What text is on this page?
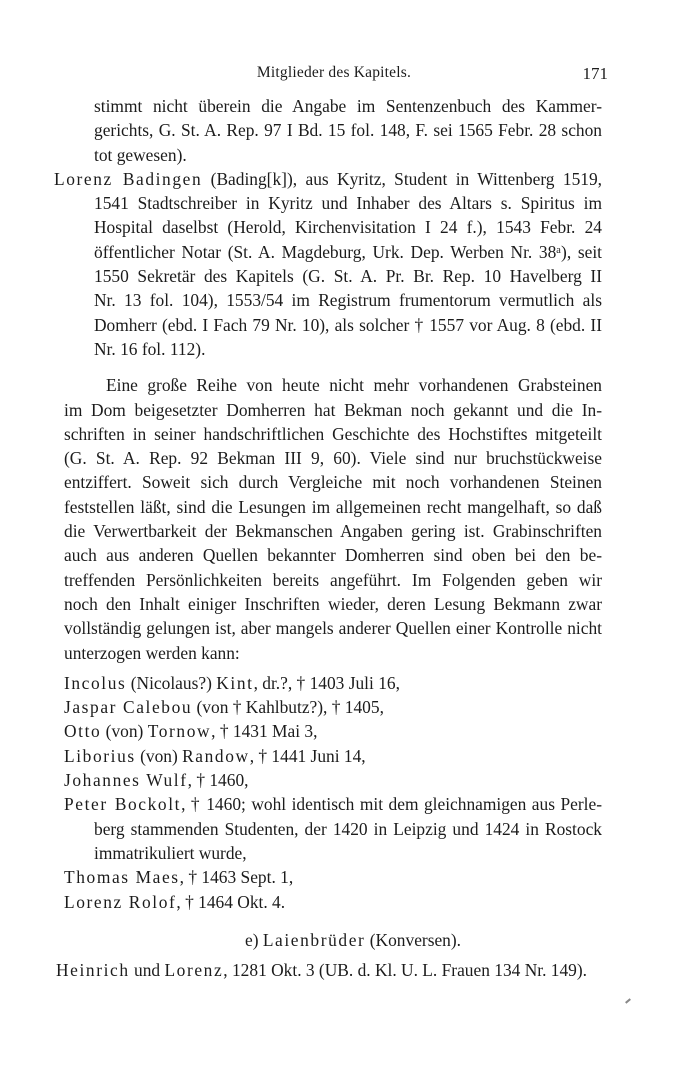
Mitglieder des Kapitels.	171
stimmt nicht überein die Angabe im Sentenzenbuch des Kammer-
gerichts, G. St. A. Rep. 97 I Bd. 15 fol. 148, F. sei 1565 Febr. 28 schon
tot gewesen).
Lorenz Badingen (Bading[k]), aus Kyritz, Student in Wittenberg 1519,
1541 Stadtschreiber in Kyritz und Inhaber des Altars s. Spiritus im
Hospital daselbst (Herold, Kirchenvisitation I 24 f.), 1543 Febr. 24
öffentlicher Notar (St. A. Magdeburg, Urk. Dep. Werben Nr. 38ᵃ), seit
1550 Sekretär des Kapitels (G. St. A. Pr. Br. Rep. 10 Havelberg II
Nr. 13 fol. 104), 1553/54 im Registrum frumentorum vermutlich als
Domherr (ebd. I Fach 79 Nr. 10), als solcher † 1557 vor Aug. 8 (ebd. II
Nr. 16 fol. 112).
Eine große Reihe von heute nicht mehr vorhandenen Grabsteinen
im Dom beigesetzter Domherren hat Bekman noch gekannt und die In-
schriften in seiner handschriftlichen Geschichte des Hochstiftes mitgeteilt
(G. St. A. Rep. 92 Bekman III 9, 60). Viele sind nur bruchstückweise
entziffert. Soweit sich durch Vergleiche mit noch vorhandenen Steinen
feststellen läßt, sind die Lesungen im allgemeinen recht mangelhaft, so daß
die Verwertbarkeit der Bekmanschen Angaben gering ist. Grabinschriften
auch aus anderen Quellen bekannter Domherren sind oben bei den be-
treffenden Persönlichkeiten bereits angeführt. Im Folgenden geben wir
noch den Inhalt einiger Inschriften wieder, deren Lesung Bekmann zwar
vollständig gelungen ist, aber mangels anderer Quellen einer Kontrolle nicht
unterzogen werden kann:
Incolus (Nicolaus?) Kint, dr.?, † 1403 Juli 16,
Jaspar Calebou (von † Kahlbutz?), † 1405,
Otto (von) Tornow, † 1431 Mai 3,
Liborius (von) Randow, † 1441 Juni 14,
Johannes Wulf, † 1460,
Peter Bockolt, † 1460; wohl identisch mit dem gleichnamigen aus Perle-
berg stammenden Studenten, der 1420 in Leipzig und 1424 in Rostock
immatrikuliert wurde,
Thomas Maes, † 1463 Sept. 1,
Lorenz Rolof, † 1464 Okt. 4.
e) Laienbrüder (Konversen).
Heinrich und Lorenz, 1281 Okt. 3 (UB. d. Kl. U. L. Frauen 134 Nr. 149).
